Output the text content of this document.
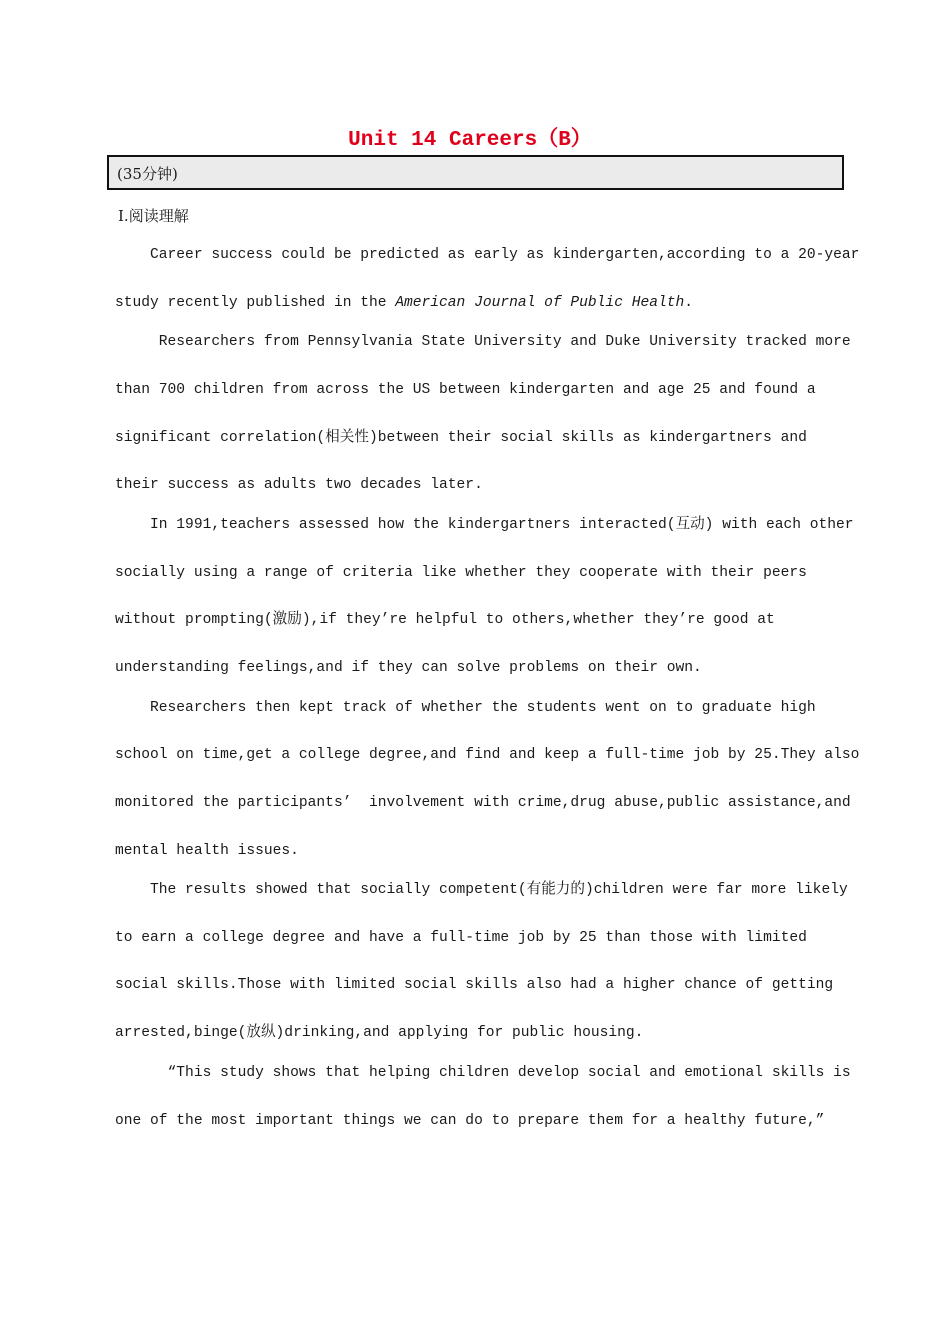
Unit 14 Careers（B）
(35分钟)
Ⅰ.阅读理解
Career success could be predicted as early as kindergarten,according to a 20-year
study recently published in the American Journal of Public Health.
Researchers from Pennsylvania State University and Duke University tracked more
than 700 children from across the US between kindergarten and age 25 and found a
significant correlation(相关性)between their social skills as kindergartners and
their success as adults two decades later.
In 1991,teachers assessed how the kindergartners interacted(互动) with each other
socially using a range of criteria like whether they cooperate with their peers
without prompting(激励),if they’re helpful to others,whether they’re good at
understanding feelings,and if they can solve problems on their own.
Researchers then kept track of whether the students went on to graduate high
school on time,get a college degree,and find and keep a full-time job by 25.They also
monitored the participants’  involvement with crime,drug abuse,public assistance,and
mental health issues.
The results showed that socially competent(有能力的)children were far more likely
to earn a college degree and have a full-time job by 25 than those with limited
social skills.Those with limited social skills also had a higher chance of getting
arrested,binge(放纵)drinking,and applying for public housing.
“This study shows that helping children develop social and emotional skills is
one of the most important things we can do to prepare them for a healthy future,”
